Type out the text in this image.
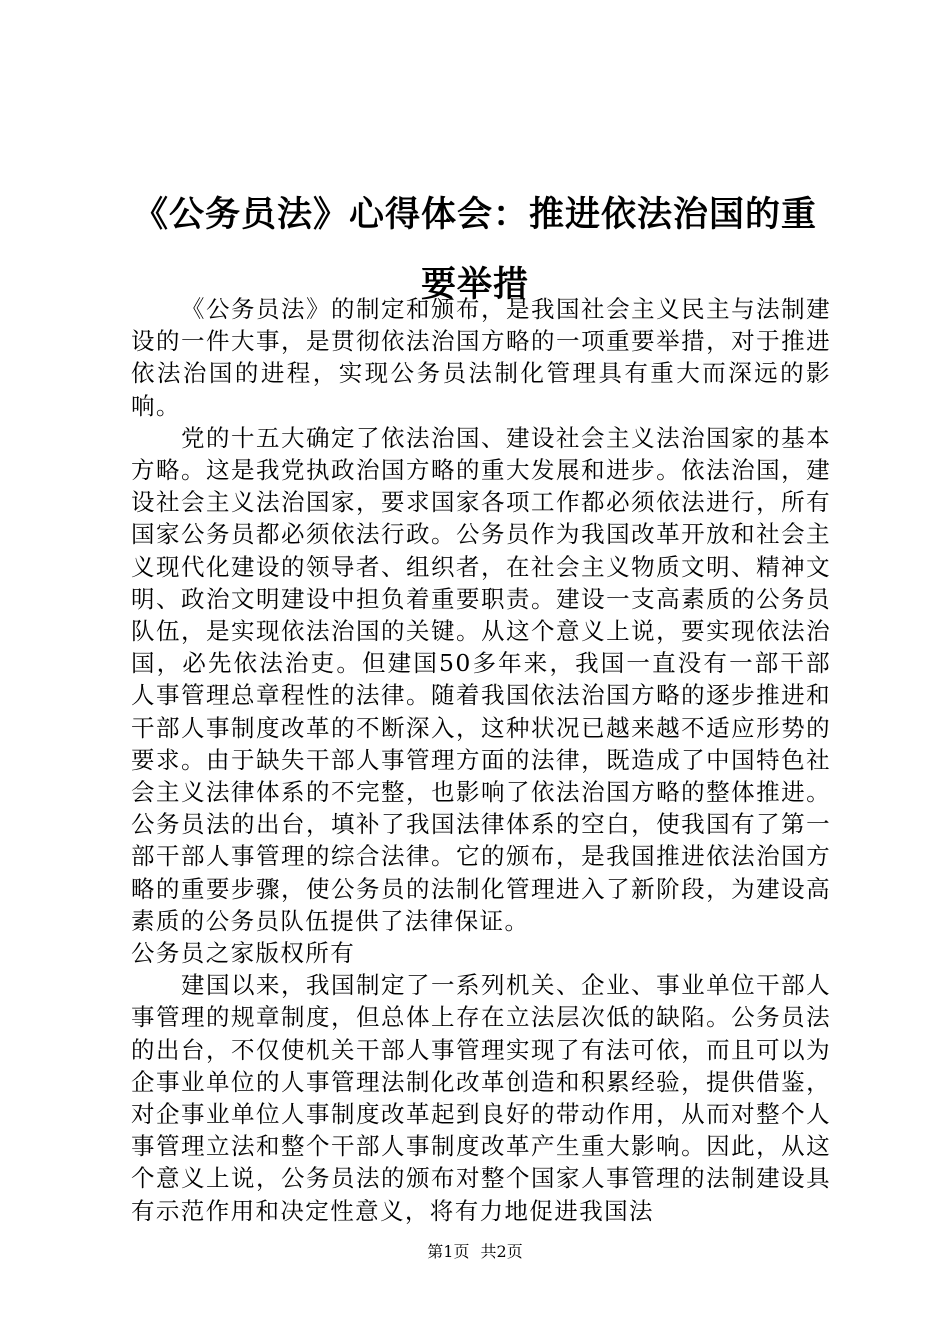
《公务员法》心得体会：推进依法治国的重要举措

《公务员法》的制定和颁布，是我国社会主义民主与法制建设的一件大事，是贯彻依法治国方略的一项重要举措，对于推进依法治国的进程，实现公务员法制化管理具有重大而深远的影响。

党的十五大确定了依法治国、建设社会主义法治国家的基本方略。这是我党执政治国方略的重大发展和进步。依法治国，建设社会主义法治国家，要求国家各项工作都必须依法进行，所有国家公务员都必须依法行政。公务员作为我国改革开放和社会主义现代化建设的领导者、组织者，在社会主义物质文明、精神文明、政治文明建设中担负着重要职责。建设一支高素质的公务员队伍，是实现依法治国的关键。从这个意义上说，要实现依法治国，必先依法治吏。但建国50多年来，我国一直没有一部干部人事管理总章程性的法律。随着我国依法治国方略的逐步推进和干部人事制度改革的不断深入，这种状况已越来越不适应形势的要求。由于缺失干部人事管理方面的法律，既造成了中国特色社会主义法律体系的不完整，也影响了依法治国方略的整体推进。公务员法的出台，填补了我国法律体系的空白，使我国有了第一部干部人事管理的综合法律。它的颁布，是我国推进依法治国方略的重要步骤，使公务员的法制化管理进入了新阶段，为建设高素质的公务员队伍提供了法律保证。

公务员之家版权所有

建国以来，我国制定了一系列机关、企业、事业单位干部人事管理的规章制度，但总体上存在立法层次低的缺陷。公务员法的出台，不仅使机关干部人事管理实现了有法可依，而且可以为企事业单位的人事管理法制化改革创造和积累经验，提供借鉴，对企事业单位人事制度改革起到良好的带动作用，从而对整个人事管理立法和整个干部人事制度改革产生重大影响。因此，从这个意义上说，公务员法的颁布对整个国家人事管理的法制建设具有示范作用和决定性意义，将有力地促进我国法

第1页 共2页
